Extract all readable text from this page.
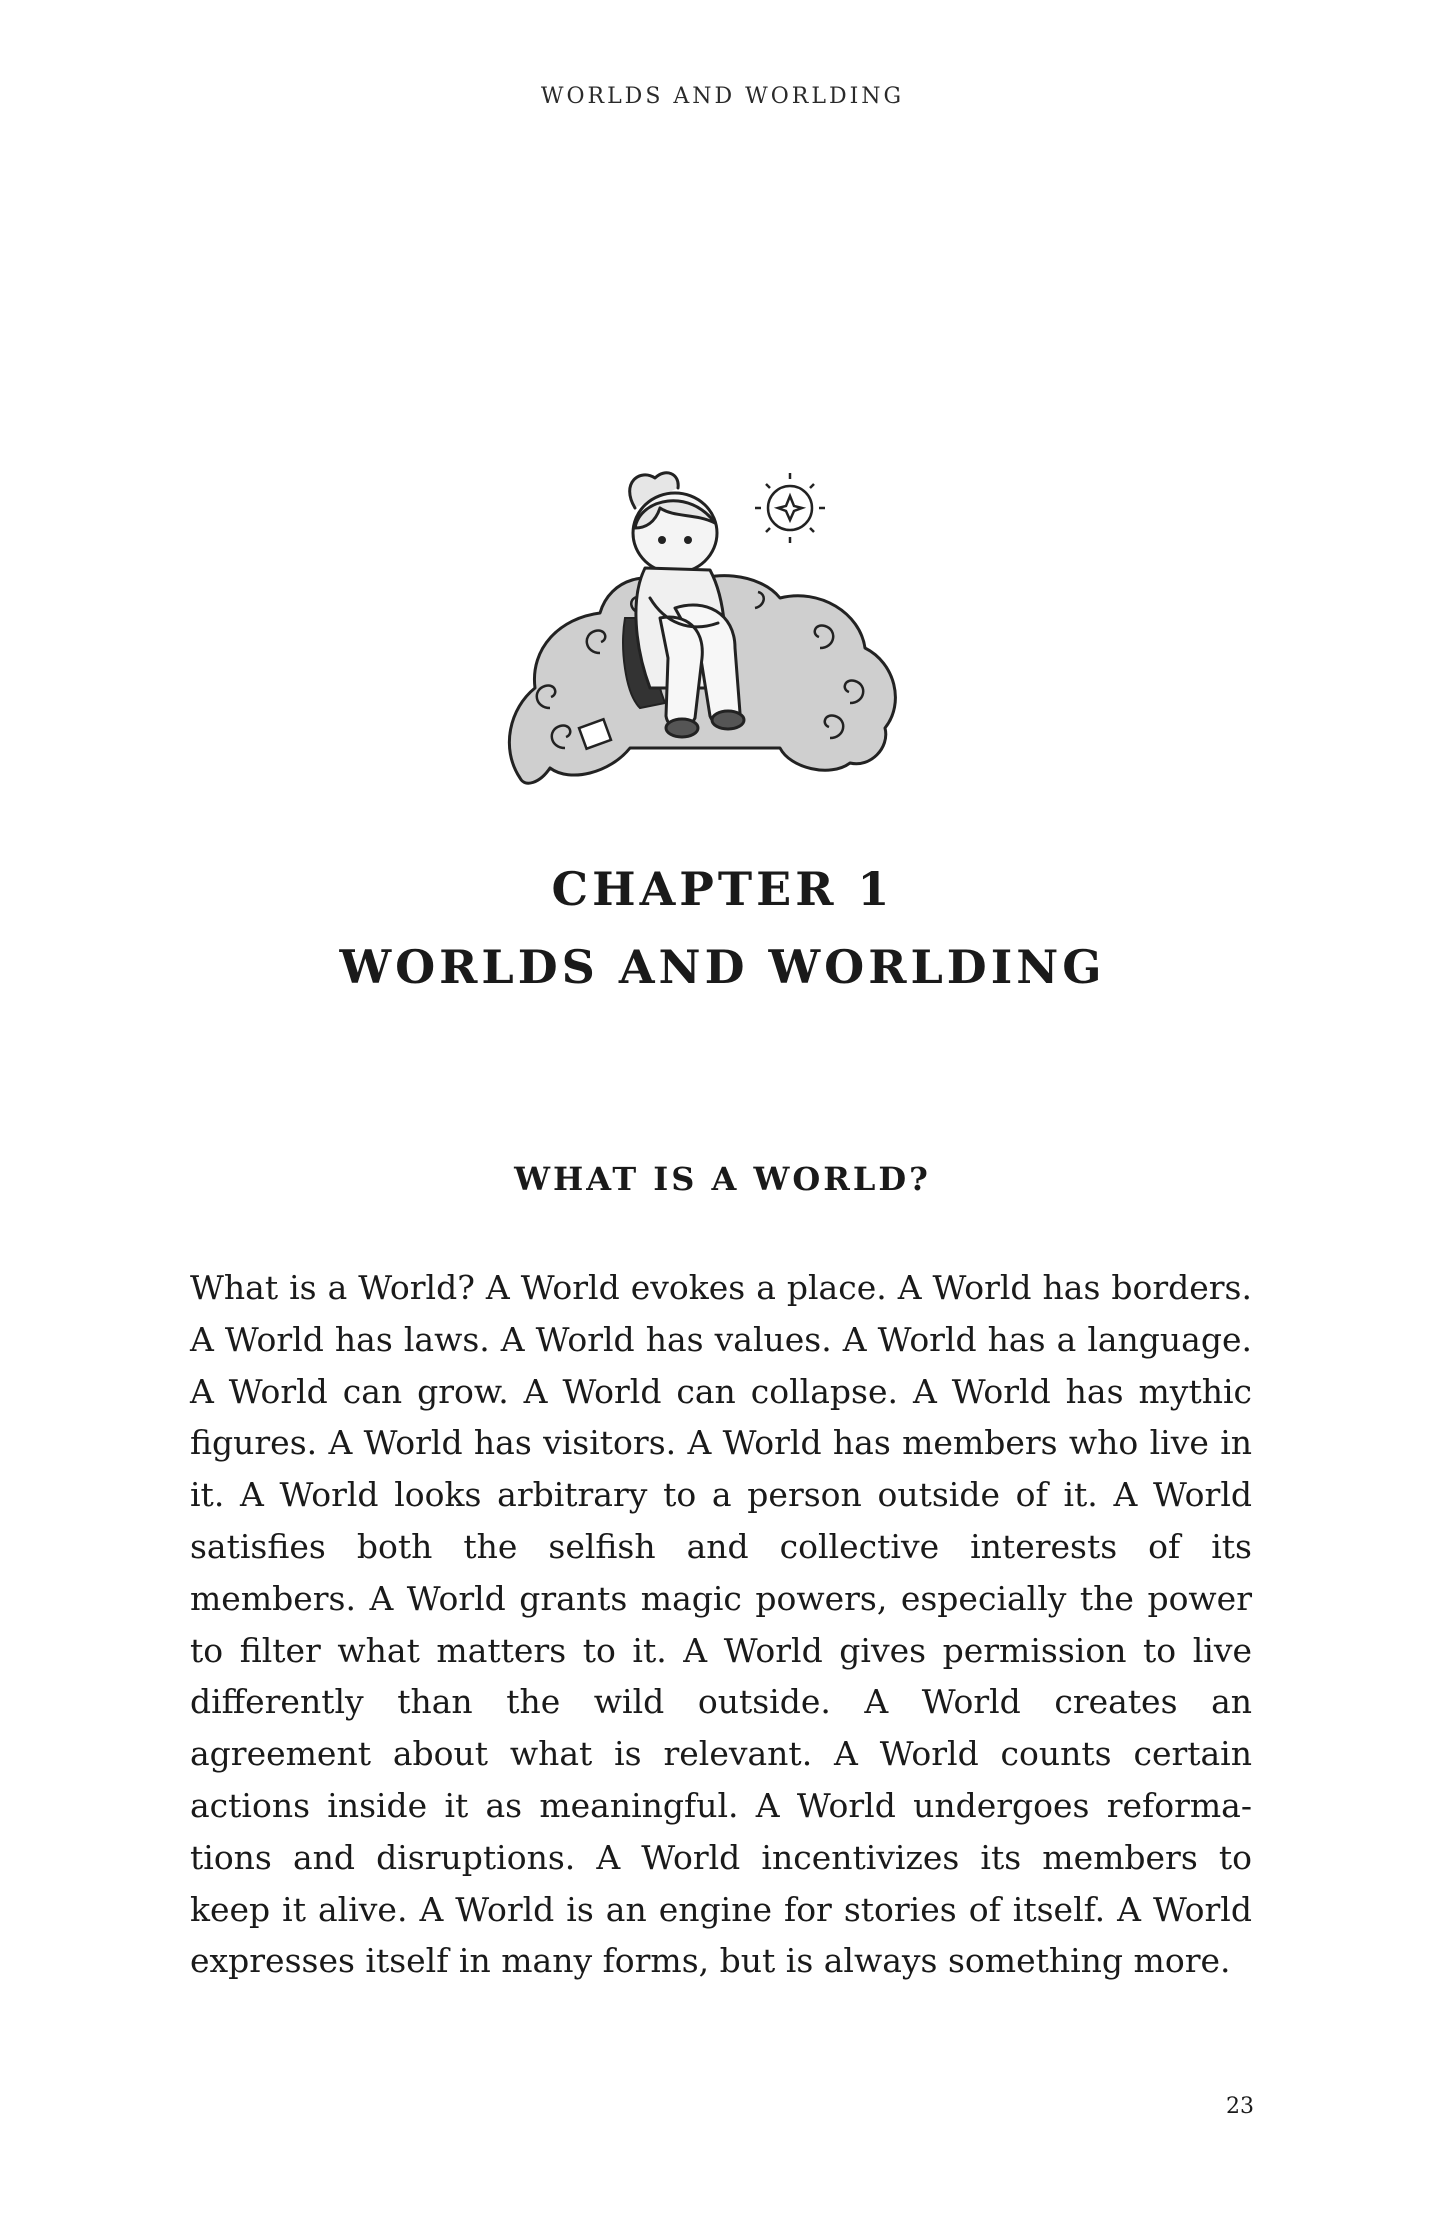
WORLDS AND WORLDING
CHAPTER 1
WORLDS AND WORLDING
WHAT IS A WORLD?
What is a World? A World evokes a place. A World has borders. A World has laws. A World has values. A World has a language. A World can grow. A World can collapse. A World has mythic figures. A World has visitors. A World has members who live in it. A World looks arbitrary to a person outside of it. A World satisfies both the selfish and collective interests of its members. A World grants magic powers, especially the power to filter what matters to it. A World gives permission to live differently than the wild outside. A World creates an agreement about what is relevant. A World counts certain actions inside it as meaningful. A World undergoes reformations and disruptions. A World incentivizes its members to keep it alive. A World is an engine for stories of itself. A World expresses itself in many forms, but is always something more.
23
